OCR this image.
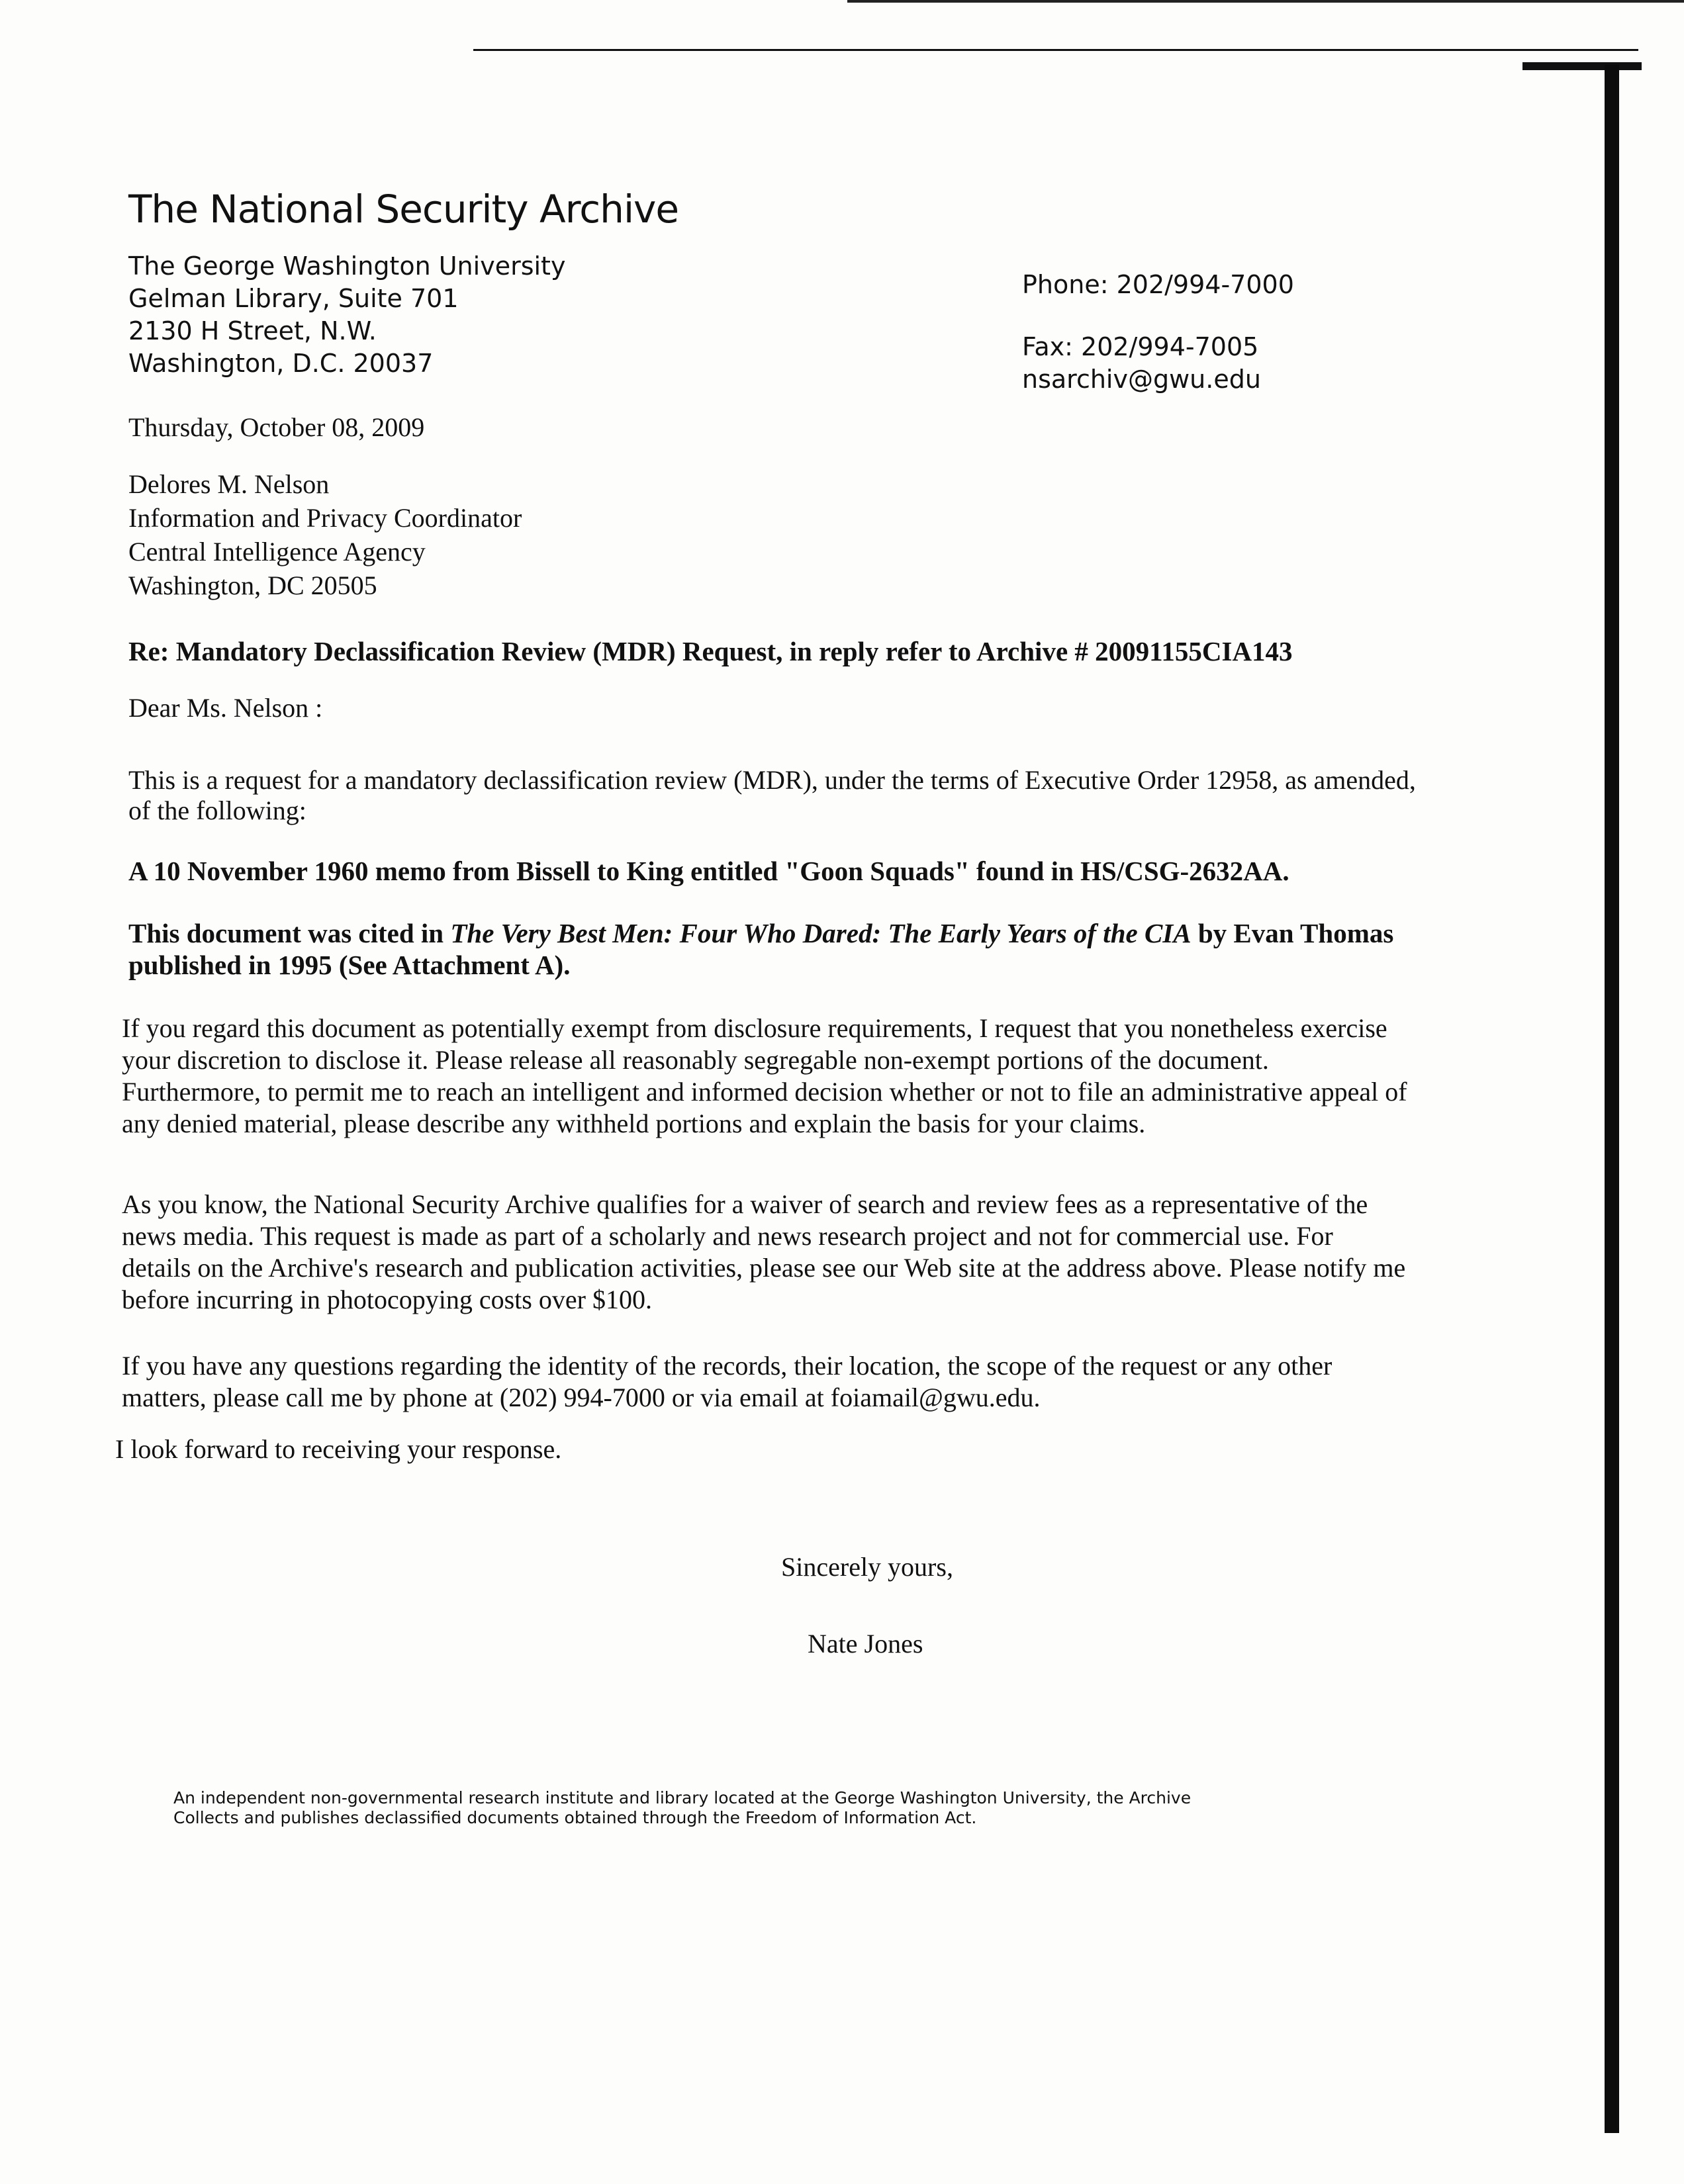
The National Security Archive
The George Washington University
Gelman Library, Suite 701
2130 H Street, N.W.
Washington, D.C. 20037
Phone: 202/994-7000
Fax: 202/994-7005
nsarchiv@gwu.edu
Thursday, October 08, 2009
Delores M. Nelson
Information and Privacy Coordinator
Central Intelligence Agency
Washington, DC 20505
Re: Mandatory Declassification Review (MDR) Request, in reply refer to Archive # 20091155CIA143
Dear Ms. Nelson :
This is a request for a mandatory declassification review (MDR), under the terms of Executive Order 12958, as amended,
of the following:
A 10 November 1960 memo from Bissell to King entitled "Goon Squads" found in HS/CSG-2632AA.
This document was cited in The Very Best Men: Four Who Dared: The Early Years of the CIA by Evan Thomas
published in 1995 (See Attachment A).
If you regard this document as potentially exempt from disclosure requirements, I request that you nonetheless exercise
your discretion to disclose it. Please release all reasonably segregable non-exempt portions of the document.
Furthermore, to permit me to reach an intelligent and informed decision whether or not to file an administrative appeal of
any denied material, please describe any withheld portions and explain the basis for your claims.
As you know, the National Security Archive qualifies for a waiver of search and review fees as a representative of the
news media. This request is made as part of a scholarly and news research project and not for commercial use. For
details on the Archive's research and publication activities, please see our Web site at the address above. Please notify me
before incurring in photocopying costs over $100.
If you have any questions regarding the identity of the records, their location, the scope of the request or any other
matters, please call me by phone at (202) 994-7000 or via email at foiamail@gwu.edu.
I look forward to receiving your response.
Sincerely yours,
Nate Jones
An independent non-governmental research institute and library located at the George Washington University, the Archive
Collects and publishes declassified documents obtained through the Freedom of Information Act.
